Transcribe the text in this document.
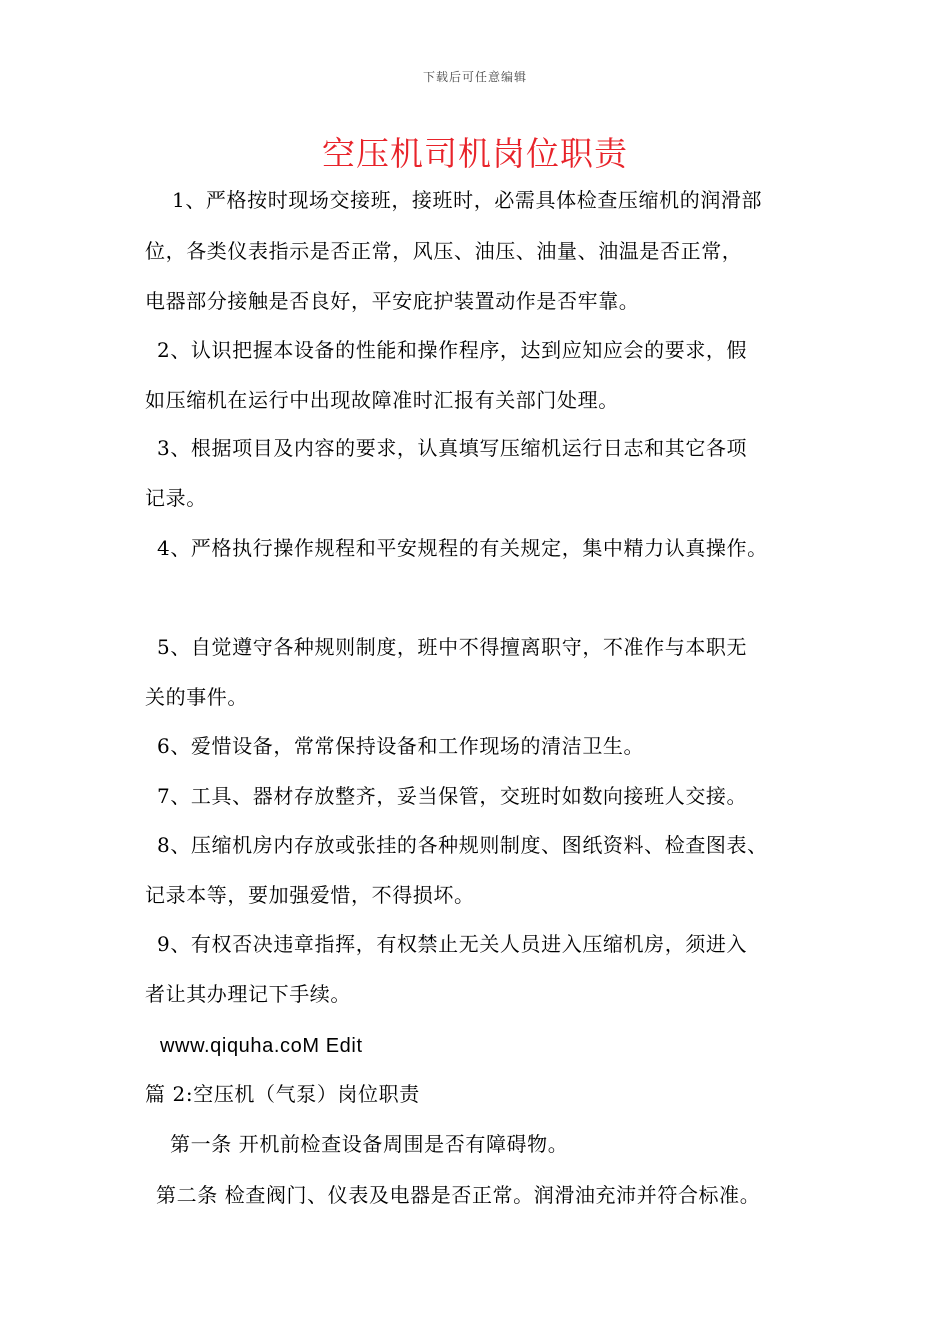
下载后可任意编辑
空压机司机岗位职责
1、严格按时现场交接班，接班时，必需具体检查压缩机的润滑部
位，各类仪表指示是否正常，风压、油压、油量、油温是否正常，
电器部分接触是否良好，平安庇护装置动作是否牢靠。
2、认识把握本设备的性能和操作程序，达到应知应会的要求，假
如压缩机在运行中出现故障准时汇报有关部门处理。
3、根据项目及内容的要求，认真填写压缩机运行日志和其它各项
记录。
4、严格执行操作规程和平安规程的有关规定，集中精力认真操作。
5、自觉遵守各种规则制度，班中不得擅离职守，不准作与本职无
关的事件。
6、爱惜设备，常常保持设备和工作现场的清洁卫生。
7、工具、器材存放整齐，妥当保管，交班时如数向接班人交接。
8、压缩机房内存放或张挂的各种规则制度、图纸资料、检查图表、
记录本等，要加强爱惜，不得损坏。
9、有权否决违章指挥，有权禁止无关人员进入压缩机房，须进入
者让其办理记下手续。
www.qiquha.coM Edit
篇 2:空压机（气泵）岗位职责
第一条 开机前检查设备周围是否有障碍物。
第二条 检查阀门、仪表及电器是否正常。润滑油充沛并符合标准。
